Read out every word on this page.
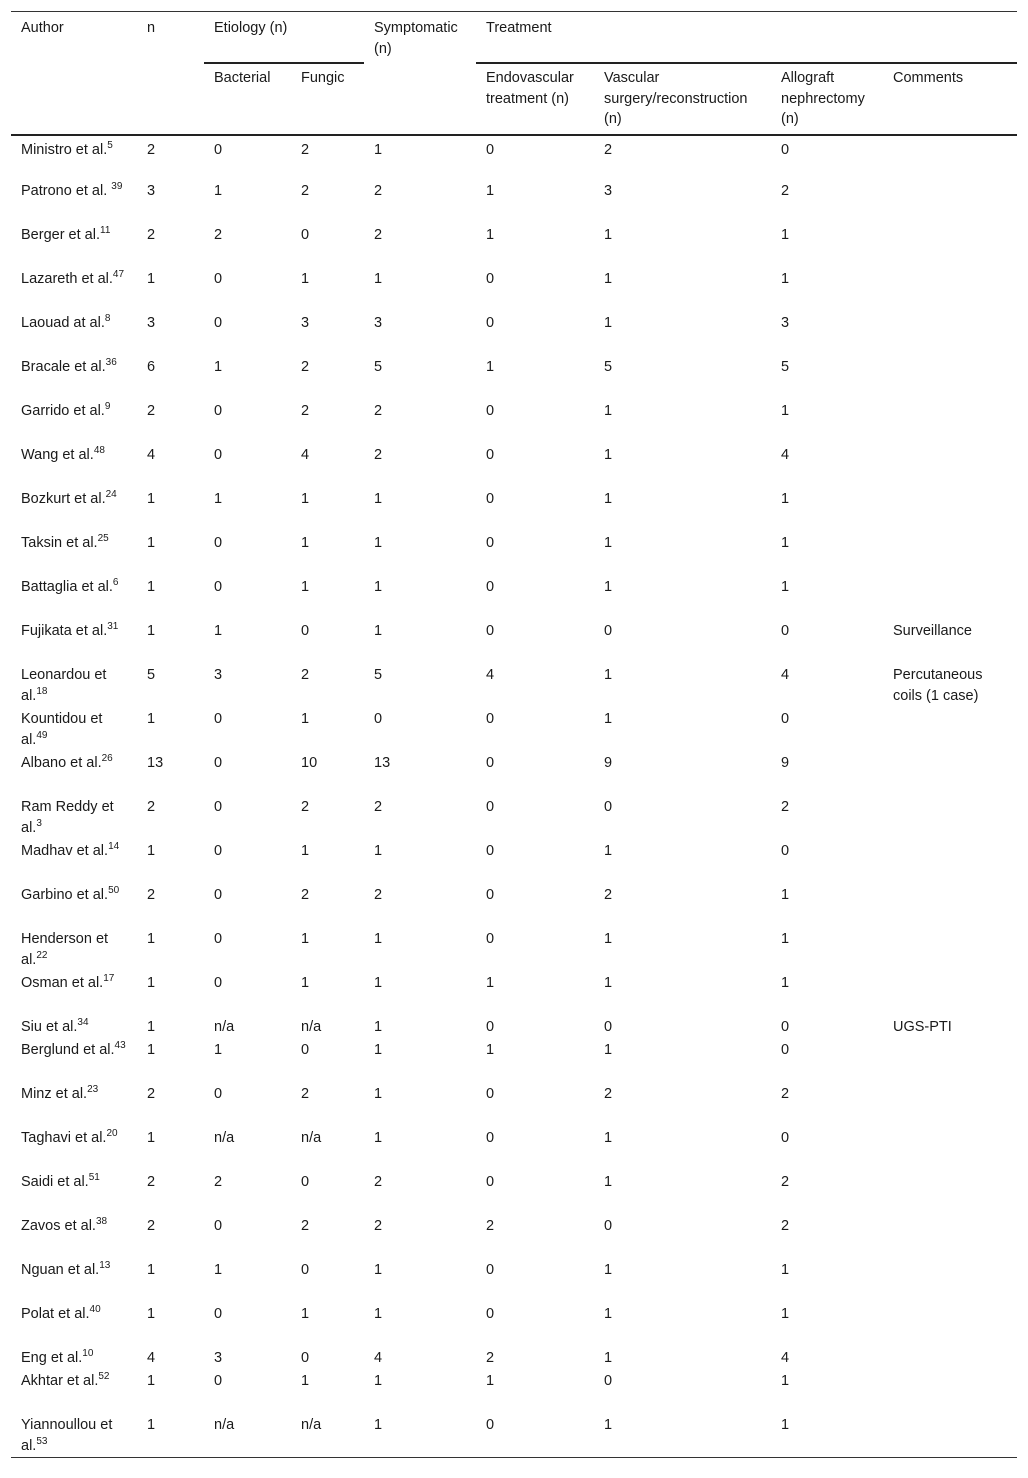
Author	n	Etiology (n)		Symptomatic (n)	Treatment			
		Bacterial	Fungic		Endovascular treatment (n)	Vascular surgery/reconstruction (n)	Allograft nephrectomy (n)	Comments
Ministro et al.$^5$	2	0	2	1	0	2	0	
Patrono et al. $^{39}$	3	1	2	2	1	3	2	
Berger et al.$^{11}$	2	2	0	2	1	1	1	
Lazareth et al.$^{47}$	1	0	1	1	0	1	1	
Laouad at al.$^8$	3	0	3	3	0	1	3	
Bracale et al.$^{36}$	6	1	2	5	1	5	5	
Garrido et al.$^9$	2	0	2	2	0	1	1	
Wang et al.$^{48}$	4	0	4	2	0	1	4	
Bozkurt et al.$^{24}$	1	1	1	1	0	1	1	
Taksin et al.$^{25}$	1	0	1	1	0	1	1	
Battaglia et al.$^6$	1	0	1	1	0	1	1	
Fujikata et al.$^{31}$	1	1	0	1	0	0	0	Surveillance
Leonardou et al.$^{18}$	5	3	2	5	4	1	4	Percutaneous coils (1 case)
Kountidou et al.$^{49}$	1	0	1	0	0	1	0	
Albano et al.$^{26}$	13	0	10	13	0	9	9	
Ram Reddy et al.$^3$	2	0	2	2	0	0	2	
Madhav et al.$^{14}$	1	0	1	1	0	1	0	
Garbino et al.$^{50}$	2	0	2	2	0	2	1	
Henderson et al.$^{22}$	1	0	1	1	0	1	1	
Osman et al.$^{17}$	1	0	1	1	1	1	1	
Siu et al.$^{34}$	1	n/a	n/a	1	0	0	0	UGS-PTI
Berglund et al.$^{43}$	1	1	0	1	1	1	0	
Minz et al.$^{23}$	2	0	2	1	0	2	2	
Taghavi et al.$^{20}$	1	n/a	n/a	1	0	1	0	
Saidi et al.$^{51}$	2	2	0	2	0	1	2	
Zavos et al.$^{38}$	2	0	2	2	2	0	2	
Nguan et al.$^{13}$	1	1	0	1	0	1	1	
Polat et al.$^{40}$	1	0	1	1	0	1	1	
Eng et al.$^{10}$	4	3	0	4	2	1	4	
Akhtar et al.$^{52}$	1	0	1	1	1	0	1	
Yiannoullou et al.$^{53}$	1	n/a	n/a	1	0	1	1	
